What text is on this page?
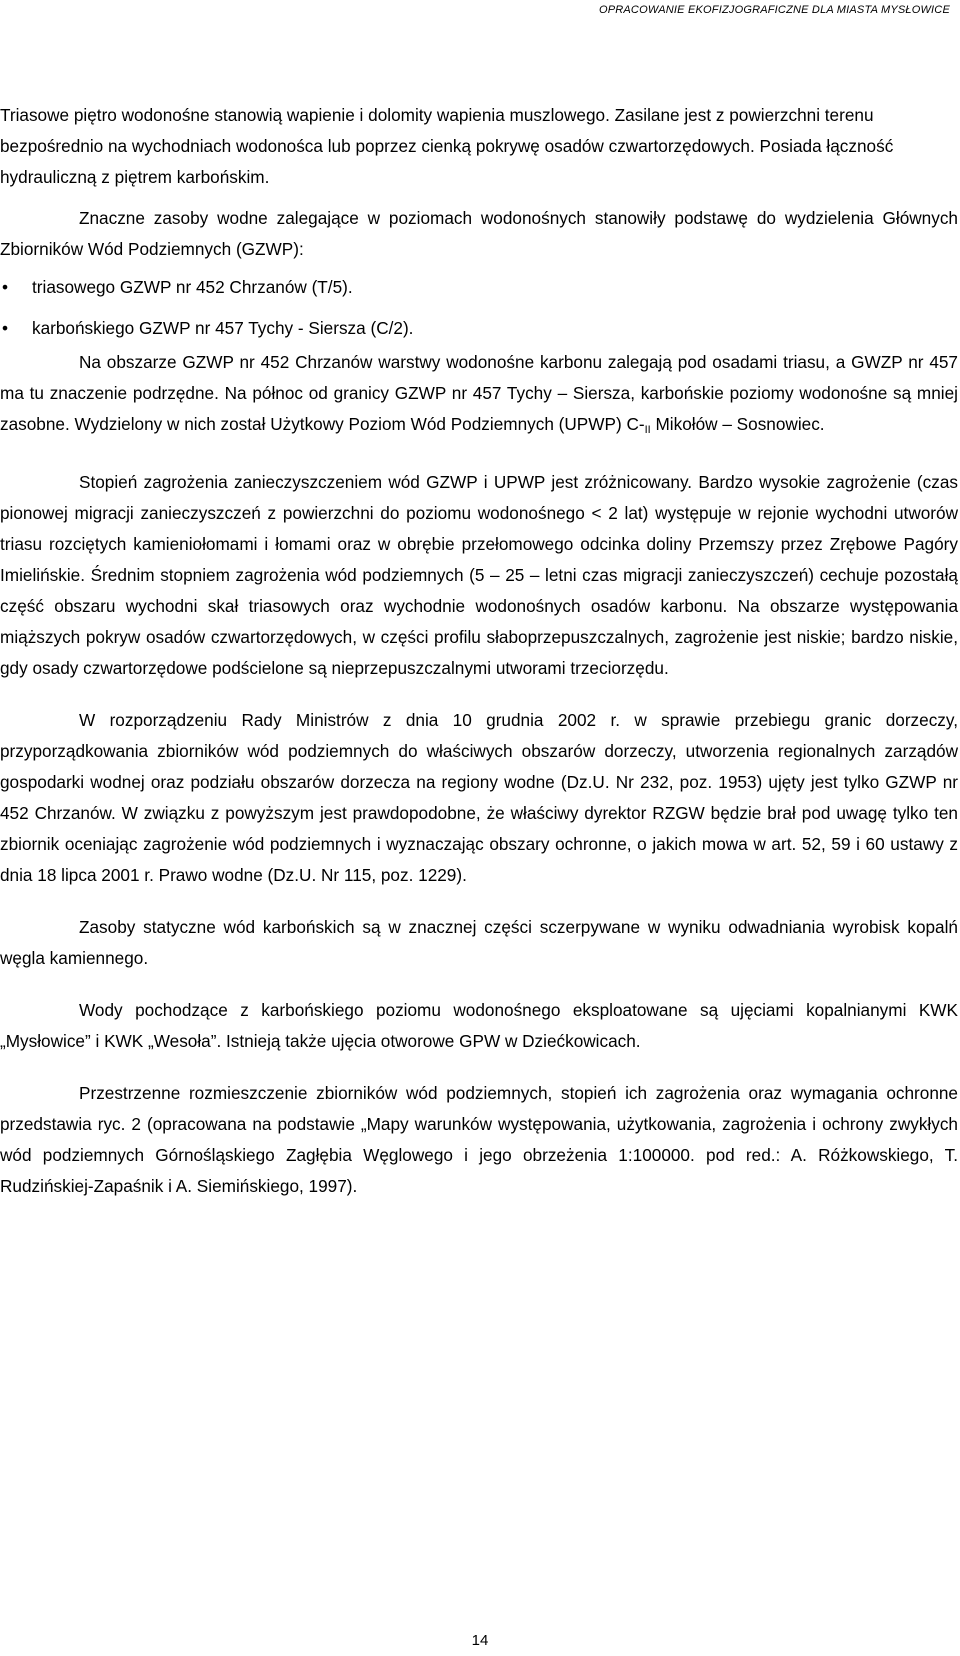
OPRACOWANIE EKOFIZJOGRAFICZNE DLA MIASTA MYSŁOWICE

Triasowe piętro wodonośne stanowią wapienie i dolomity wapienia muszlowego. Zasilane jest z powierzchni terenu bezpośrednio na wychodniach wodonośca lub poprzez cienką pokrywę osadów czwartorzędowych. Posiada łączność hydrauliczną z piętrem karbońskim.

Znaczne zasoby wodne zalegające w poziomach wodonośnych stanowiły podstawę do wydzielenia Głównych Zbiorników Wód Podziemnych (GZWP):

• triasowego GZWP nr 452 Chrzanów (T/5).
• karbońskiego GZWP nr 457 Tychy - Siersza (C/2).

Na obszarze GZWP nr 452 Chrzanów warstwy wodonośne karbonu zalegają pod osadami triasu, a GWZP nr 457 ma tu znaczenie podrzędne. Na północ od granicy GZWP nr 457 Tychy – Siersza, karbońskie poziomy wodonośne są mniej zasobne. Wydzielony w nich został Użytkowy Poziom Wód Podziemnych (UPWP) $C-_{II}$ Mikołów – Sosnowiec.

Stopień zagrożenia zanieczyszczeniem wód GZWP i UPWP jest zróżnicowany. Bardzo wysokie zagrożenie (czas pionowej migracji zanieczyszczeń z powierzchni do poziomu wodonośnego < 2 lat) występuje w rejonie wychodni utworów triasu rozciętych kamieniołomami i łomami oraz w obrębie przełomowego odcinka doliny Przemszy przez Zrębowe Pagóry Imielińskie. Średnim stopniem zagrożenia wód podziemnych (5 – 25 – letni czas migracji zanieczyszczeń) cechuje pozostałą część obszaru wychodni skał triasowych oraz wychodnie wodonośnych osadów karbonu. Na obszarze występowania miąższych pokryw osadów czwartorzędowych, w części profilu słaboprzepuszczalnych, zagrożenie jest niskie; bardzo niskie, gdy osady czwartorzędowe podścielone są nieprzepuszczalnymi utworami trzeciorzędu.

W rozporządzeniu Rady Ministrów z dnia 10 grudnia 2002 r. w sprawie przebiegu granic dorzeczy, przyporządkowania zbiorników wód podziemnych do właściwych obszarów dorzeczy, utworzenia regionalnych zarządów gospodarki wodnej oraz podziału obszarów dorzecza na regiony wodne (Dz.U. Nr 232, poz. 1953) ujęty jest tylko GZWP nr 452 Chrzanów. W związku z powyższym jest prawdopodobne, że właściwy dyrektor RZGW będzie brał pod uwagę tylko ten zbiornik oceniając zagrożenie wód podziemnych i wyznaczając obszary ochronne, o jakich mowa w art. 52, 59 i 60 ustawy z dnia 18 lipca 2001 r. Prawo wodne (Dz.U. Nr 115, poz. 1229).

Zasoby statyczne wód karbońskich są w znacznej części sczerpywane w wyniku odwadniania wyrobisk kopalń węgla kamiennego.

Wody pochodzące z karbońskiego poziomu wodonośnego eksploatowane są ujęciami kopalnianymi KWK „Mysłowice” i KWK „Wesoła”. Istnieją także ujęcia otworowe GPW w Dziećkowicach.

Przestrzenne rozmieszczenie zbiorników wód podziemnych, stopień ich zagrożenia oraz wymagania ochronne przedstawia ryc. 2 (opracowana na podstawie „Mapy warunków występowania, użytkowania, zagrożenia i ochrony zwykłych wód podziemnych Górnośląskiego Zagłębia Węglowego i jego obrzeżenia 1:100000. pod red.: A. Różkowskiego, T. Rudzińskiej-Zapaśnik i A. Siemińskiego, 1997).

14
